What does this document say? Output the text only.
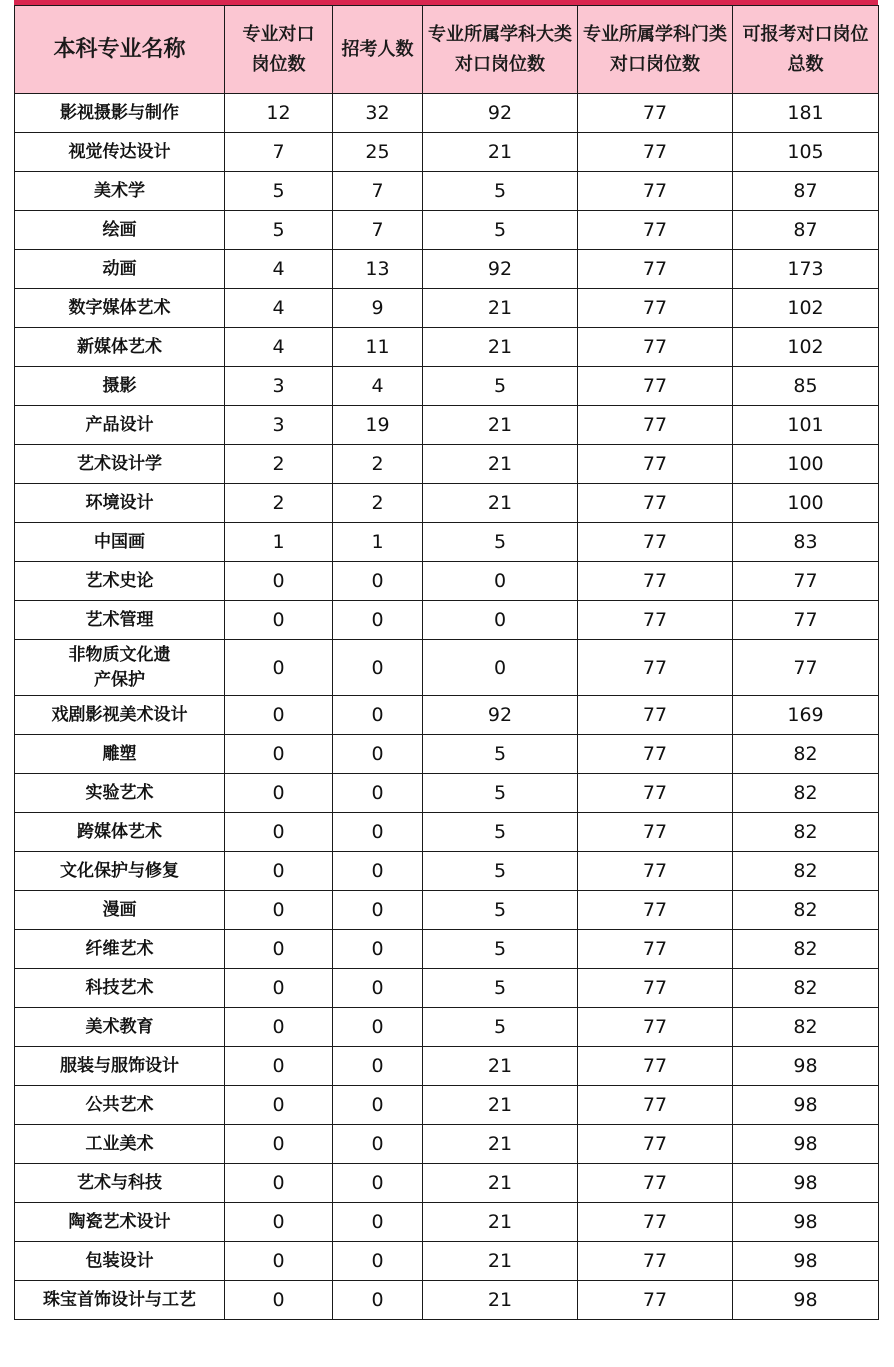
本科专业名称	专业对口岗位数	招考人数	专业所属学科大类对口岗位数	专业所属学科门类对口岗位数	可报考对口岗位总数
影视摄影与制作	12	32	92	77	181
视觉传达设计	7	25	21	77	105
美术学	5	7	5	77	87
绘画	5	7	5	77	87
动画	4	13	92	77	173
数字媒体艺术	4	9	21	77	102
新媒体艺术	4	11	21	77	102
摄影	3	4	5	77	85
产品设计	3	19	21	77	101
艺术设计学	2	2	21	77	100
环境设计	2	2	21	77	100
中国画	1	1	5	77	83
艺术史论	0	0	0	77	77
艺术管理	0	0	0	77	77
非物质文化遗产保护	0	0	0	77	77
戏剧影视美术设计	0	0	92	77	169
雕塑	0	0	5	77	82
实验艺术	0	0	5	77	82
跨媒体艺术	0	0	5	77	82
文化保护与修复	0	0	5	77	82
漫画	0	0	5	77	82
纤维艺术	0	0	5	77	82
科技艺术	0	0	5	77	82
美术教育	0	0	5	77	82
服装与服饰设计	0	0	21	77	98
公共艺术	0	0	21	77	98
工业美术	0	0	21	77	98
艺术与科技	0	0	21	77	98
陶瓷艺术设计	0	0	21	77	98
包装设计	0	0	21	77	98
珠宝首饰设计与工艺	0	0	21	77	98
